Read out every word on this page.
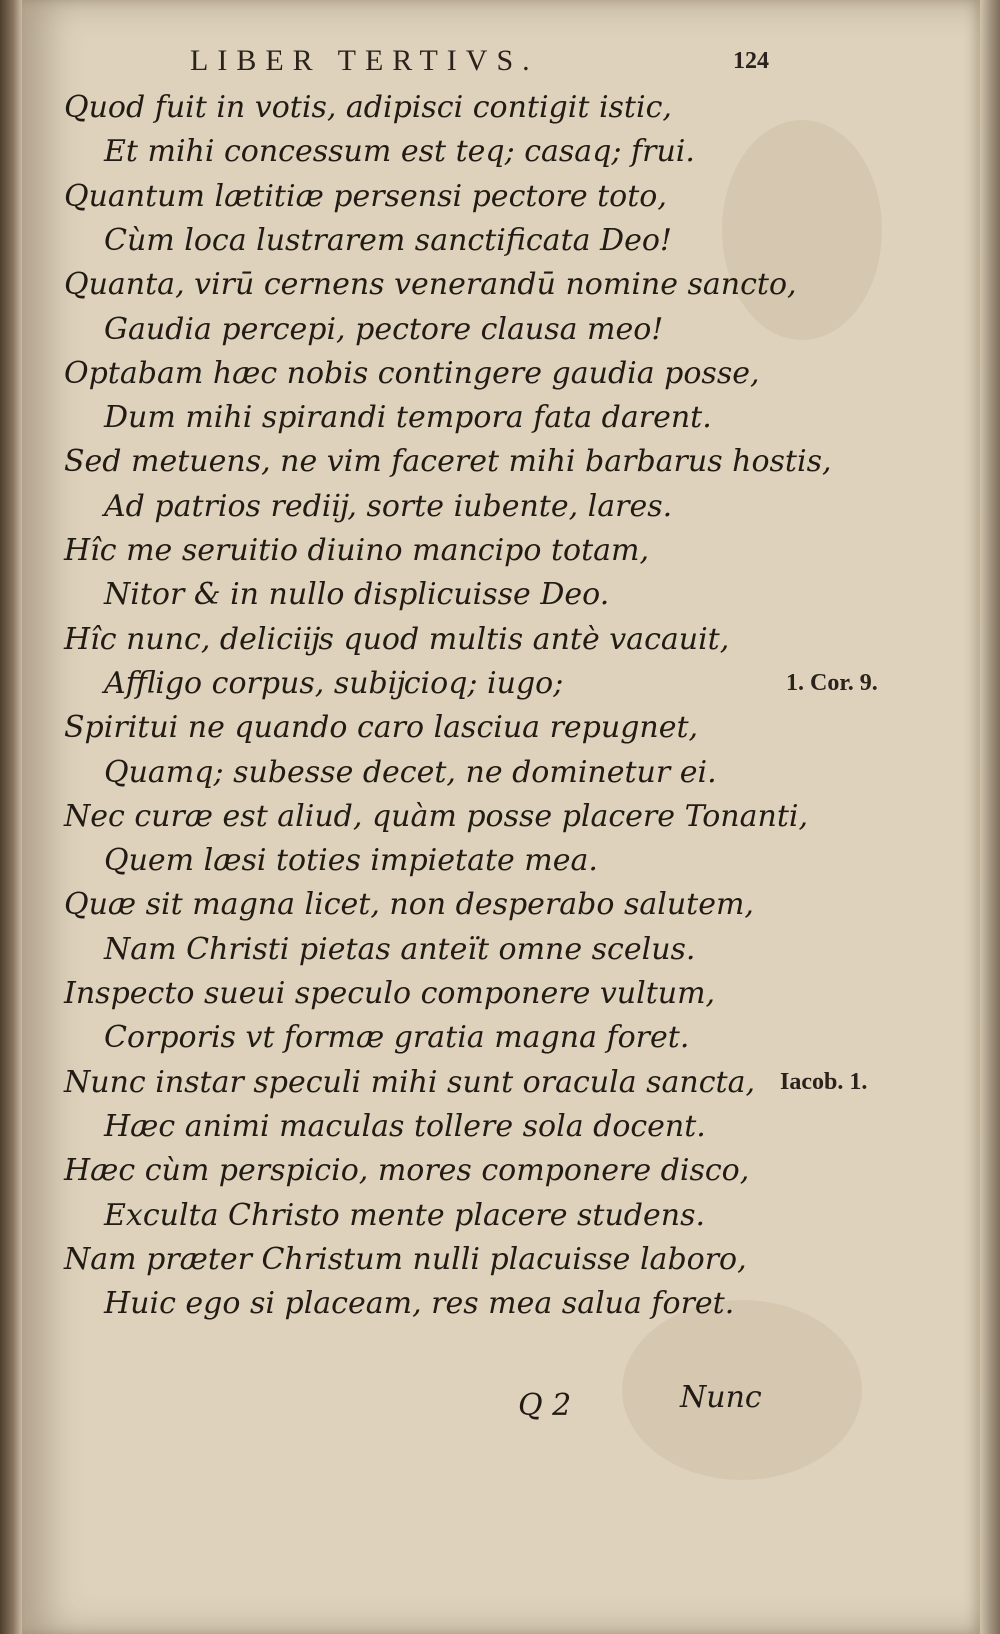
LIBER TERTIVS.	124
Quod fuit in votis, adipisci contigit istic,
Et mihi concessum est teq; casaq; frui.
Quantum lætitiæ persensi pectore toto,
Cùm loca lustrarem sanctificata Deo!
Quanta, virū cernens venerandū nomine sancto,
Gaudia percepi, pectore clausa meo!
Optabam hæc nobis contingere gaudia posse,
Dum mihi spirandi tempora fata darent.
Sed metuens, ne vim faceret mihi barbarus hostis,
Ad patrios rediĳ, sorte iubente, lares.
Hîc me seruitio diuino mancipo totam,
Nitor & in nullo displicuisse Deo.
Hîc nunc, deliciĳs quod multis antè vacauit,
Affligo corpus, subĳcioq; iugo;
Spiritui ne quando caro lasciua repugnet,
Quamq; subesse decet, ne dominetur ei.
Nec curæ est aliud, quàm posse placere Tonanti,
Quem læsi toties impietate mea.
Quæ sit magna licet, non desperabo salutem,
Nam Christi pietas anteït omne scelus.
Inspecto sueui speculo componere vultum,
Corporis vt formæ gratia magna foret.
Nunc instar speculi mihi sunt oracula sancta,
Hæc animi maculas tollere sola docent.
Hæc cùm perspicio, mores componere disco,
Exculta Christo mente placere studens.
Nam præter Christum nulli placuisse laboro,
Huic ego si placeam, res mea salua foret.
1. Cor. 9.
Iacob. 1.
Q 2	Nunc
